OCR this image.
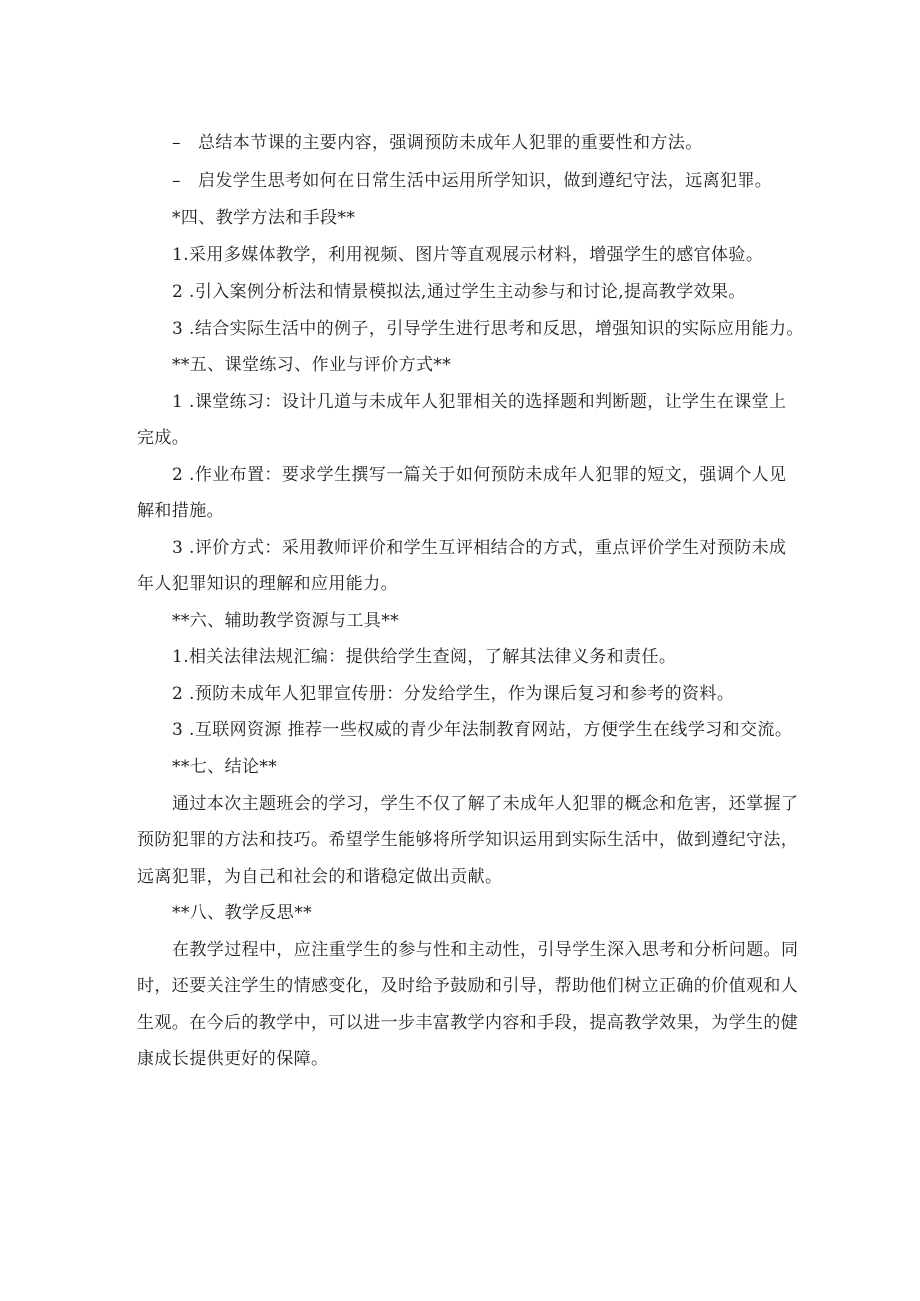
– 总结本节课的主要内容，强调预防未成年人犯罪的重要性和方法。
– 启发学生思考如何在日常生活中运用所学知识，做到遵纪守法，远离犯罪。
*四、教学方法和手段**
1.采用多媒体教学，利用视频、图片等直观展示材料，增强学生的感官体验。
2 .引入案例分析法和情景模拟法,通过学生主动参与和讨论,提高教学效果。
3 .结合实际生活中的例子，引导学生进行思考和反思，增强知识的实际应用能力。
**五、课堂练习、作业与评价方式**
1 .课堂练习：设计几道与未成年人犯罪相关的选择题和判断题，让学生在课堂上
完成。
2 .作业布置：要求学生撰写一篇关于如何预防未成年人犯罪的短文，强调个人见
解和措施。
3 .评价方式：采用教师评价和学生互评相结合的方式，重点评价学生对预防未成
年人犯罪知识的理解和应用能力。
**六、辅助教学资源与工具**
1.相关法律法规汇编：提供给学生查阅，了解其法律义务和责任。
2 .预防未成年人犯罪宣传册：分发给学生，作为课后复习和参考的资料。
3 .互联网资源 推荐一些权威的青少年法制教育网站，方便学生在线学习和交流。
**七、结论**
通过本次主题班会的学习，学生不仅了解了未成年人犯罪的概念和危害，还掌握了
预防犯罪的方法和技巧。希望学生能够将所学知识运用到实际生活中，做到遵纪守法，
远离犯罪，为自己和社会的和谐稳定做出贡献。
**八、教学反思**
在教学过程中，应注重学生的参与性和主动性，引导学生深入思考和分析问题。同
时，还要关注学生的情感变化，及时给予鼓励和引导，帮助他们树立正确的价值观和人
生观。在今后的教学中，可以进一步丰富教学内容和手段，提高教学效果，为学生的健
康成长提供更好的保障。
